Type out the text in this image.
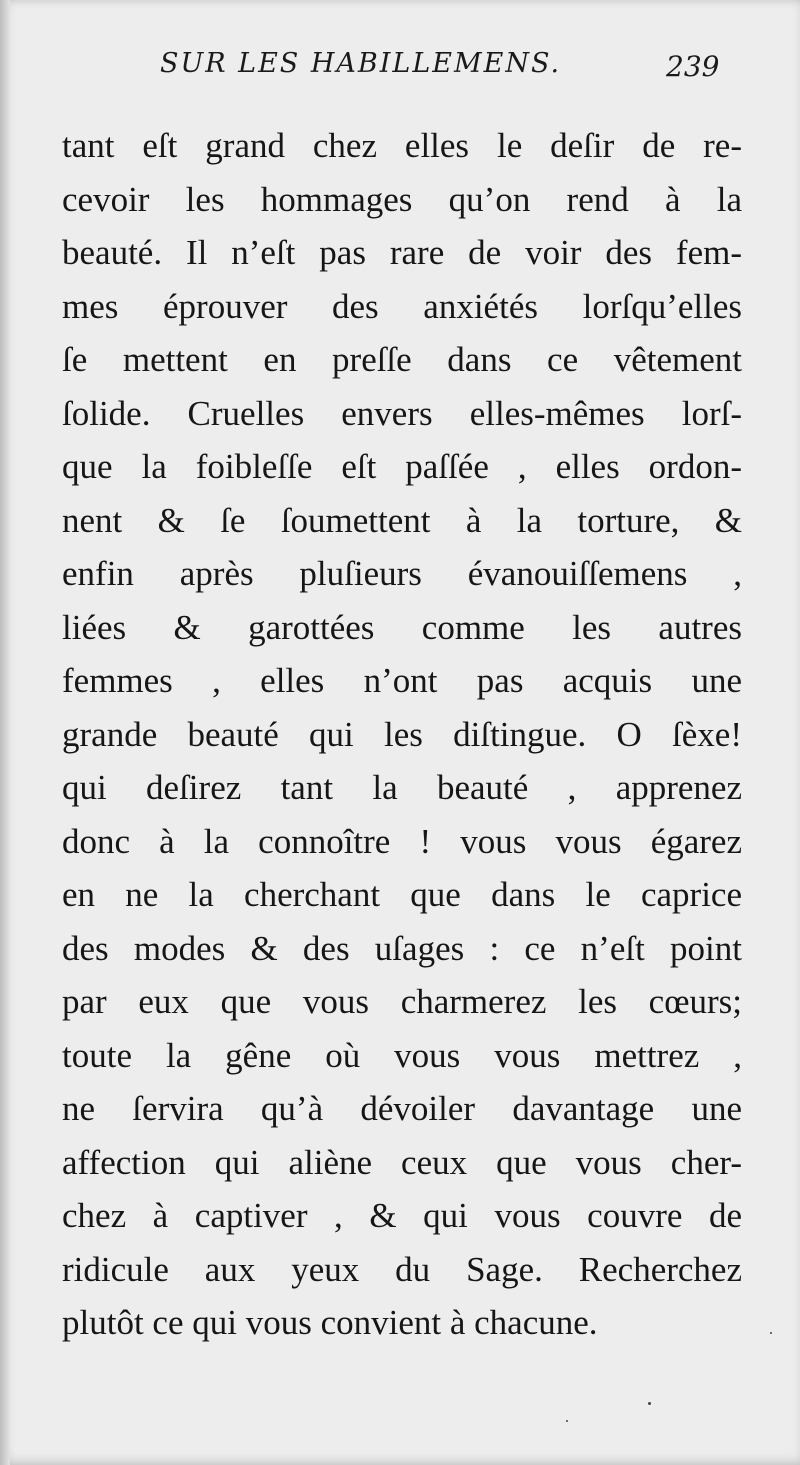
SUR LES HABILLEMENS.	239
tant eſt grand chez elles le deſir de re-
cevoir les hommages qu’on rend à la
beauté. Il n’eſt pas rare de voir des fem-
mes éprouver des anxiétés lorſqu’elles
ſe mettent en preſſe dans ce vêtement
ſolide. Cruelles envers elles-mêmes lorſ-
que la foibleſſe eſt paſſée , elles ordon-
nent & ſe ſoumettent à la torture, &
enfin après pluſieurs évanouiſſemens ,
liées & garottées comme les autres
femmes , elles n’ont pas acquis une
grande beauté qui les diſtingue. O ſèxe!
qui deſirez tant la beauté , apprenez
donc à la connoître ! vous vous égarez
en ne la cherchant que dans le caprice
des modes & des uſages : ce n’eſt point
par eux que vous charmerez les cœurs;
toute la gêne où vous vous mettrez ,
ne ſervira qu’à dévoiler davantage une
affection qui aliène ceux que vous cher-
chez à captiver , & qui vous couvre de
ridicule aux yeux du Sage. Recherchez
plutôt ce qui vous convient à chacune.
